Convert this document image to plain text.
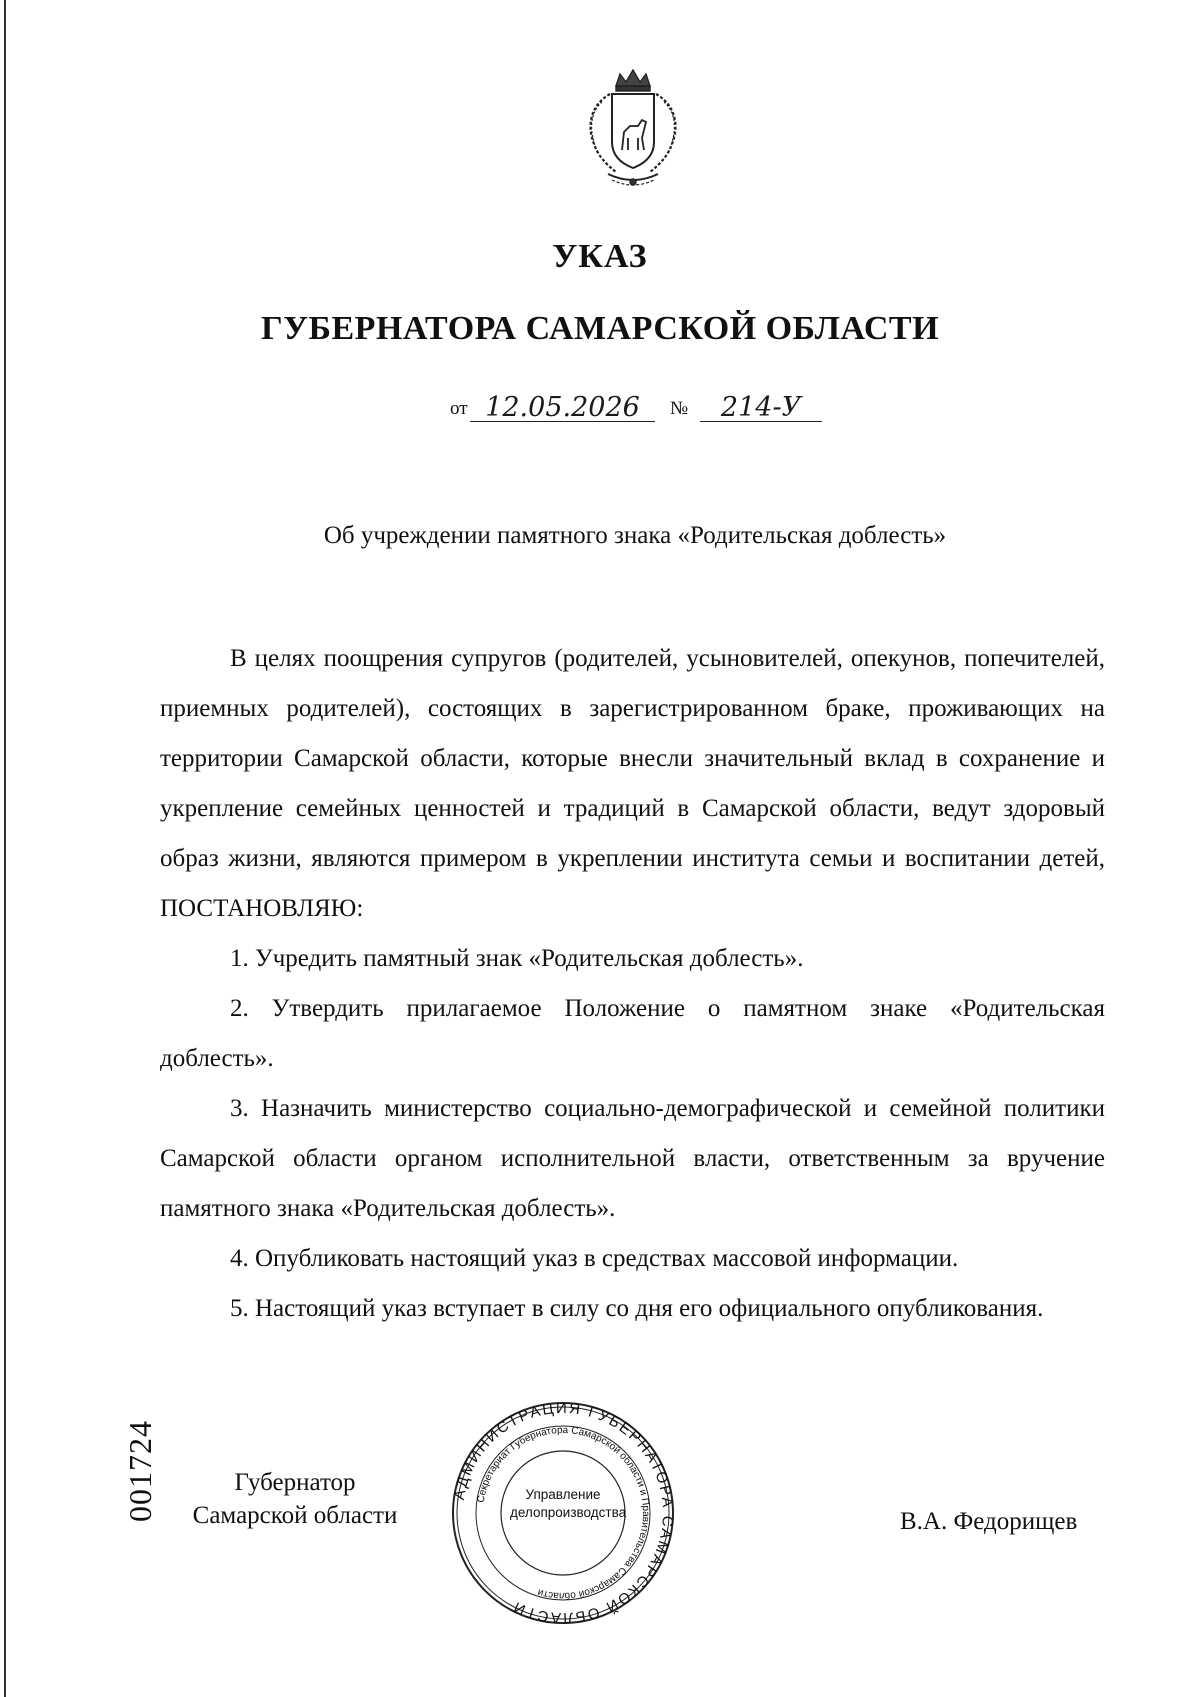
УКАЗ
ГУБЕРНАТОРА САМАРСКОЙ ОБЛАСТИ
от 12.05.2026	№	214-У

Об учреждении памятного знака «Родительская доблесть»

В целях поощрения супругов (родителей, усыновителей, опекунов, попечителей, приемных родителей), состоящих в зарегистрированном браке, проживающих на территории Самарской области, которые внесли значительный вклад в сохранение и укрепление семейных ценностей и традиций в Самарской области, ведут здоровый образ жизни, являются примером в укреплении института семьи и воспитании детей, ПОСТАНОВЛЯЮ:

1. Учредить памятный знак «Родительская доблесть».

2. Утвердить прилагаемое Положение о памятном знаке «Родительская доблесть».

3. Назначить министерство социально-демографической и семейной политики Самарской области органом исполнительной власти, ответственным за вручение памятного знака «Родительская доблесть».

4. Опубликовать настоящий указ в средствах массовой информации.

5. Настоящий указ вступает в силу со дня его официального опубликования.

001724	Губернатор
Самарской области
АДМИНИСТРАЦИЯ ГУБЕРНАТОРА САМАРСКОЙ ОБЛАСТИ
Секретариат Губернатора Самарской области и Правительства Самарской области
Управление
делопроизводства	В.А. Федорищев
